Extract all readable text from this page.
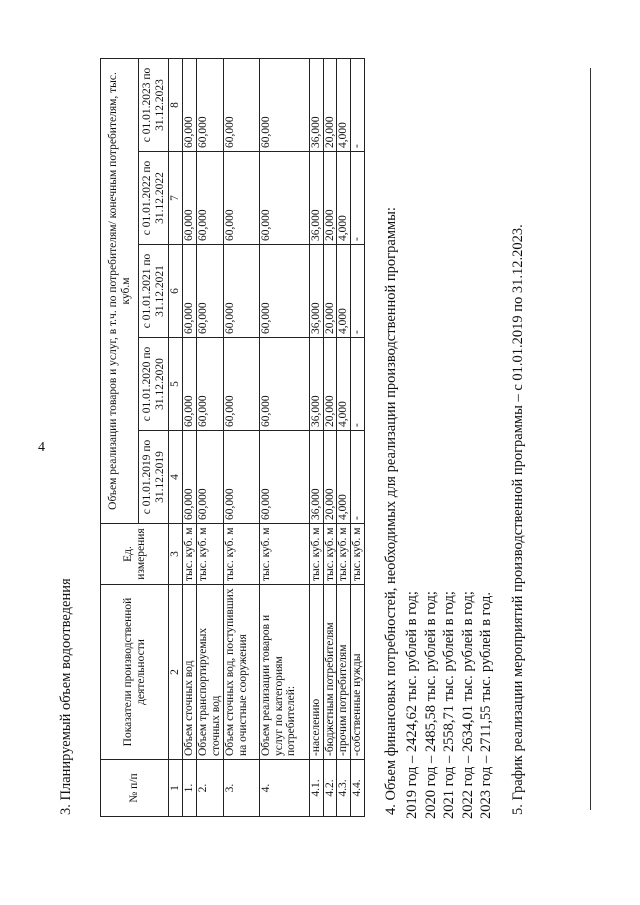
4
3. Планируемый объем водоотведения	№ п/п	Показатели производственной деятельности	Ед. измерения	Объем реализации товаров и услуг, в т.ч. по потребителям/ конечным потребителям, тыс. куб.м				
			с 01.01.2019 по 31.12.2019	с 01.01.2020 по 31.12.2020	с 01.01.2021 по 31.12.2021	с 01.01.2022 по 31.12.2022	с 01.01.2023 по 31.12.2023
1	2	3	4	5	6	7	8
1.	Объем сточных вод	тыс. куб. м	60,000	60,000	60,000	60,000	60,000
2.	Объем транспортируемых сточных вод	тыс. куб. м	60,000	60,000	60,000	60,000	60,000
3.	Объем сточных вод, поступивших на очистные сооружения	тыс. куб. м	60,000	60,000	60,000	60,000	60,000
4.	Объем реализации товаров и услуг по категориям потребителей:	тыс. куб. м	60,000	60,000	60,000	60,000	60,000
4.1.	-населению	тыс. куб. м	36,000	36,000	36,000	36,000	36,000
4.2.	-бюджетным потребителям	тыс. куб. м	20,000	20,000	20,000	20,000	20,000
4.3.	-прочим потребителям	тыс. куб. м	4,000	4,000	4,000	4,000	4,000
4.4.	-собственные нужды	тыс. куб. м	-	-	-	-	-
4. Объем финансовых потребностей, необходимых для реализации производственной программы: 2019 год – 2424,62 тыс. рублей в год; 2020 год – 2485,58 тыс. рублей в год; 2021 год – 2558,71 тыс. рублей в год; 2022 год – 2634,01 тыс. рублей в год; 2023 год – 2711,55 тыс. рублей в год. 5. График реализации мероприятий производственной программы – с 01.01.2019 по 31.12.2023.
